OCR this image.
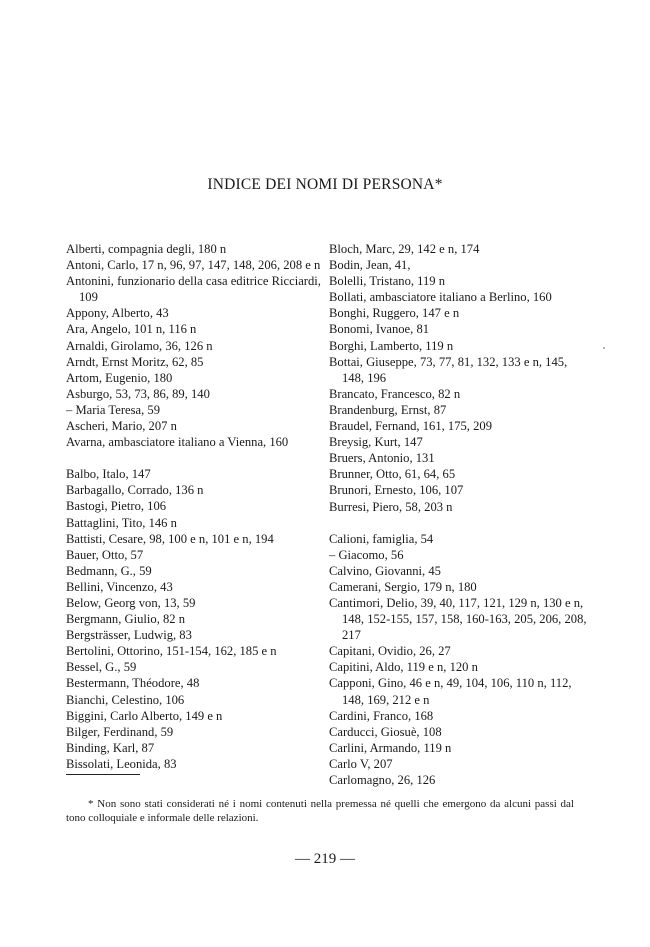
INDICE DEI NOMI DI PERSONA*
Alberti, compagnia degli, 180 n
Antoni, Carlo, 17 n, 96, 97, 147, 148, 206, 208 e n
Antonini, funzionario della casa editrice Ricciardi, 109
Appony, Alberto, 43
Ara, Angelo, 101 n, 116 n
Arnaldi, Girolamo, 36, 126 n
Arndt, Ernst Moritz, 62, 85
Artom, Eugenio, 180
Asburgo, 53, 73, 86, 89, 140
– Maria Teresa, 59
Ascheri, Mario, 207 n
Avarna, ambasciatore italiano a Vienna, 160
Balbo, Italo, 147
Barbagallo, Corrado, 136 n
Bastogi, Pietro, 106
Battaglini, Tito, 146 n
Battisti, Cesare, 98, 100 e n, 101 e n, 194
Bauer, Otto, 57
Bedmann, G., 59
Bellini, Vincenzo, 43
Below, Georg von, 13, 59
Bergmann, Giulio, 82 n
Bergsträsser, Ludwig, 83
Bertolini, Ottorino, 151-154, 162, 185 e n
Bessel, G., 59
Bestermann, Théodore, 48
Bianchi, Celestino, 106
Biggini, Carlo Alberto, 149 e n
Bilger, Ferdinand, 59
Binding, Karl, 87
Bissolati, Leonida, 83
Bloch, Marc, 29, 142 e n, 174
Bodin, Jean, 41,
Bolelli, Tristano, 119 n
Bollati, ambasciatore italiano a Berlino, 160
Bonghi, Ruggero, 147 e n
Bonomi, Ivanoe, 81
Borghi, Lamberto, 119 n
Bottai, Giuseppe, 73, 77, 81, 132, 133 e n, 145, 148, 196
Brancato, Francesco, 82 n
Brandenburg, Ernst, 87
Braudel, Fernand, 161, 175, 209
Breysig, Kurt, 147
Bruers, Antonio, 131
Brunner, Otto, 61, 64, 65
Brunori, Ernesto, 106, 107
Burresi, Piero, 58, 203 n
Calioni, famiglia, 54
– Giacomo, 56
Calvino, Giovanni, 45
Camerani, Sergio, 179 n, 180
Cantimori, Delio, 39, 40, 117, 121, 129 n, 130 e n, 148, 152-155, 157, 158, 160-163, 205, 206, 208, 217
Capitani, Ovidio, 26, 27
Capitini, Aldo, 119 e n, 120 n
Capponi, Gino, 46 e n, 49, 104, 106, 110 n, 112, 148, 169, 212 e n
Cardini, Franco, 168
Carducci, Giosuè, 108
Carlini, Armando, 119 n
Carlo V, 207
Carlomagno, 26, 126
* Non sono stati considerati né i nomi contenuti nella premessa né quelli che emergono da alcuni passi dal tono colloquiale e informale delle relazioni.
— 219 —
